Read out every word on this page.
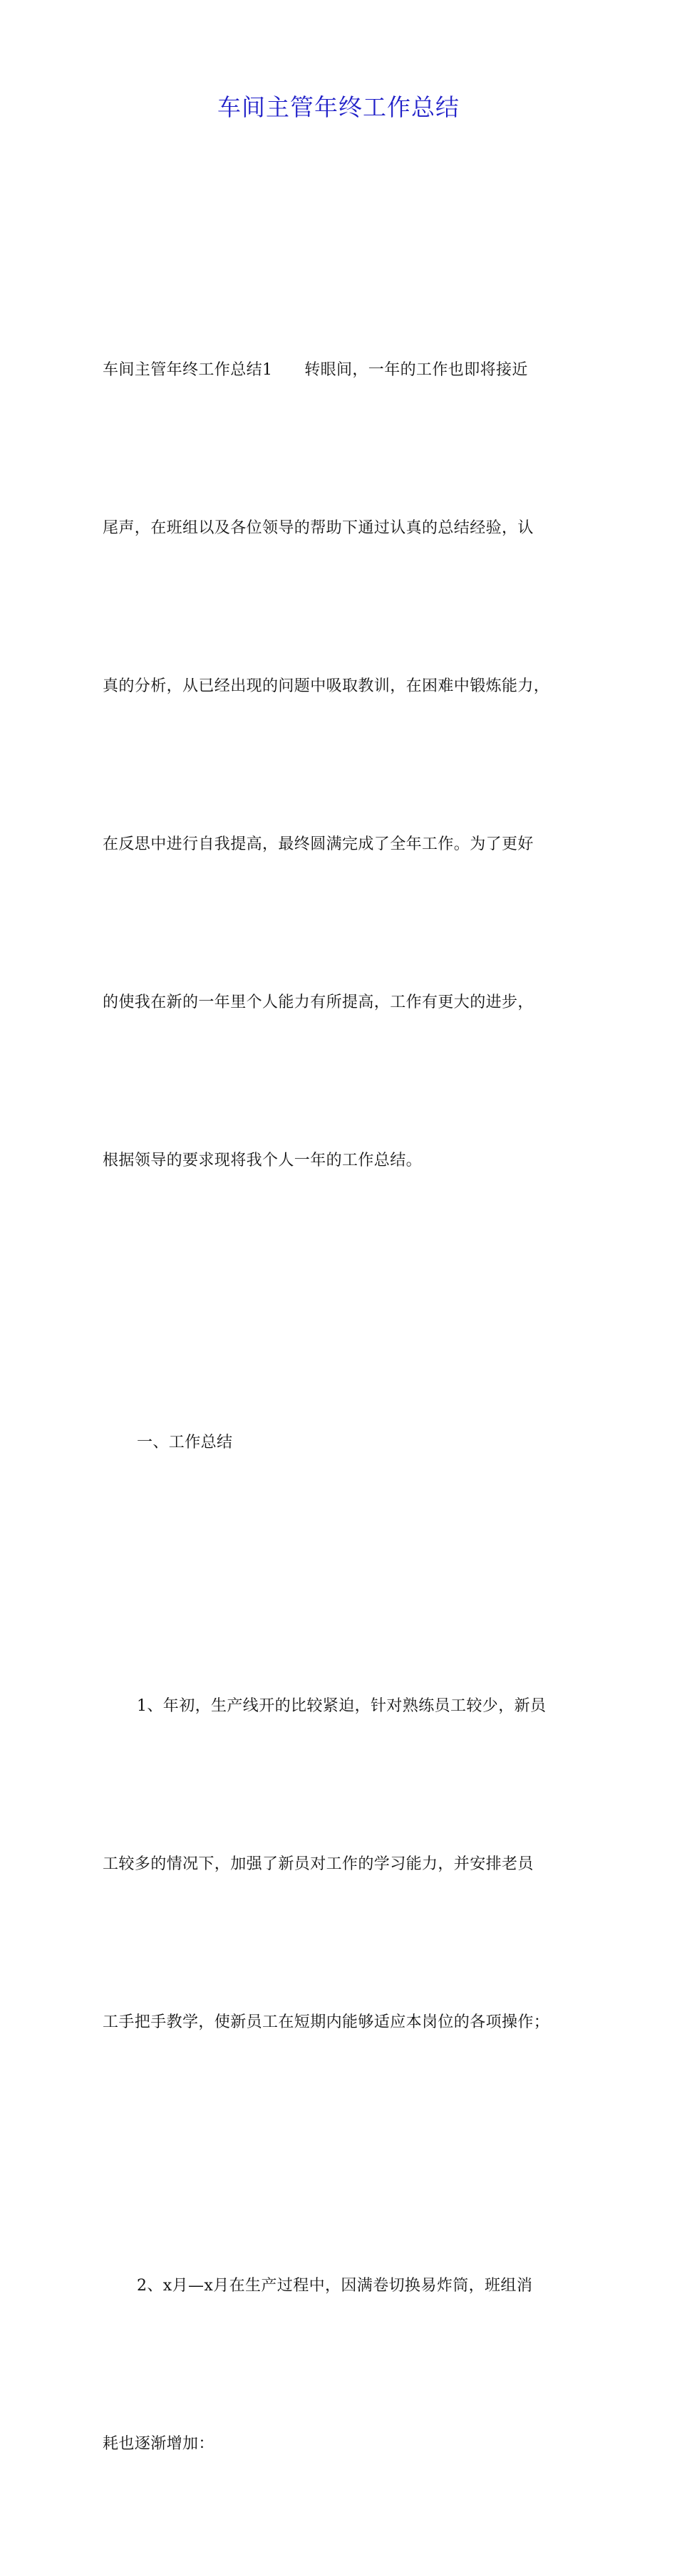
车间主管年终工作总结

车间主管年终工作总结1　　转眼间，一年的工作也即将接近

尾声，在班组以及各位领导的帮助下通过认真的总结经验，认

真的分析，从已经出现的问题中吸取教训，在困难中锻炼能力，

在反思中进行自我提高，最终圆满完成了全年工作。为了更好

的使我在新的一年里个人能力有所提高，工作有更大的进步，

根据领导的要求现将我个人一年的工作总结。

一、工作总结

1、年初，生产线开的比较紧迫，针对熟练员工较少，新员

工较多的情况下，加强了新员对工作的学习能力，并安排老员

工手把手教学，使新员工在短期内能够适应本岗位的各项操作；

2、x月—x月在生产过程中，因满卷切换易炸筒，班组消

耗也逐渐增加：
